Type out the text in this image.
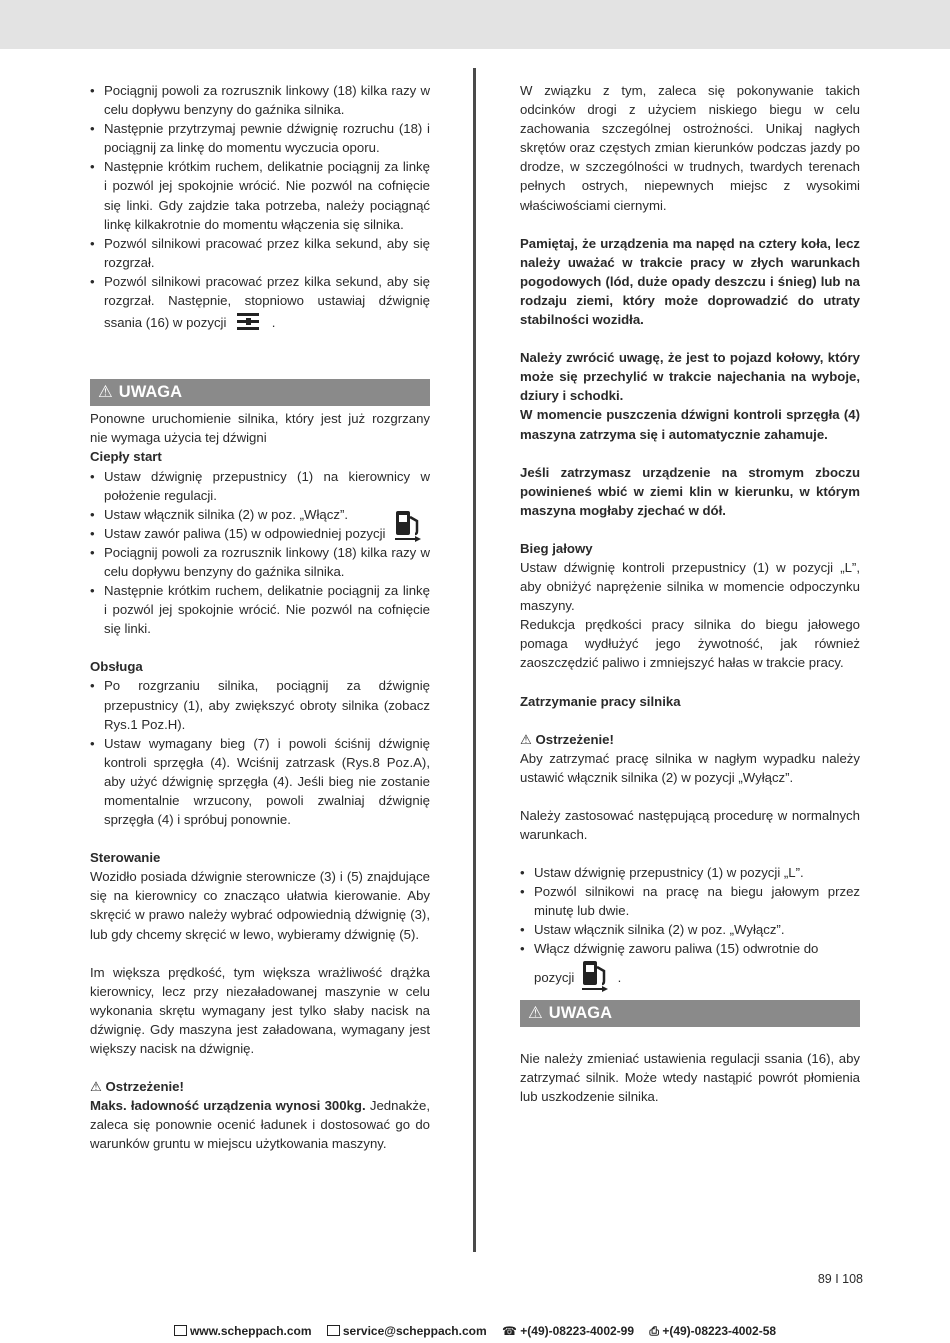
• Pociągnij powoli za rozrusznik linkowy (18) kilka razy w celu dopływu benzyny do gaźnika silnika.
• Następnie przytrzymaj pewnie dźwignię rozruchu (18) i pociągnij za linkę do momentu wyczucia oporu.
• Następnie krótkim ruchem, delikatnie pociągnij za linkę i pozwól jej spokojnie wrócić. Nie pozwól na cofnięcie się linki. Gdy zajdzie taka potrzeba, należy pociągnąć linkę kilkakrotnie do momentu włączenia się silnika.
• Pozwól silnikowi pracować przez kilka sekund, aby się rozgrzał.
• Pozwól silnikowi pracować przez kilka sekund, aby się rozgrzał. Następnie, stopniowo ustawiaj dźwignię ssania (16) w pozycji	.
⚠ UWAGA

Ponowne uruchomienie silnika, który jest już rozgrzany nie wymaga użycia tej dźwigni

Ciepły start

• Ustaw dźwignię przepustnicy (1) na kierownicy w położenie regulacji.
• Ustaw włącznik silnika (2) w poz. „Włącz”.
• Ustaw zawór paliwa (15) w odpowiedniej pozycji
• Pociągnij powoli za rozrusznik linkowy (18) kilka razy w celu dopływu benzyny do gaźnika silnika.
• Następnie krótkim ruchem, delikatnie pociągnij za linkę i pozwól jej spokojnie wrócić. Nie pozwól na cofnięcie się linki.

Obsługa

• Po rozgrzaniu silnika, pociągnij za dźwignię przepustnicy (1), aby zwiększyć obroty silnika (zobacz Rys.1 Poz.H).
• Ustaw wymagany bieg (7) i powoli ściśnij dźwignię kontroli sprzęgła (4). Wciśnij zatrzask (Rys.8 Poz.A), aby użyć dźwignię sprzęgła (4). Jeśli bieg nie zostanie momentalnie wrzucony, powoli zwalniaj dźwignię sprzęgła (4) i spróbuj ponownie.

Sterowanie

Wozidło posiada dźwignie sterownicze (3) i (5) znajdujące się na kierownicy co znacząco ułatwia kierowanie. Aby skręcić w prawo należy wybrać odpowiednią dźwignię (3), lub gdy chcemy skręcić w lewo, wybieramy dźwignię (5).

Im większa prędkość, tym większa wrażliwość drążka kierownicy, lecz przy niezaładowanej maszynie w celu wykonania skrętu wymagany jest tylko słaby nacisk na dźwignię. Gdy maszyna jest załadowana, wymagany jest większy nacisk na dźwignię.

⚠ Ostrzeżenie!

Maks. ładowność urządzenia wynosi 300kg. Jednakże, zaleca się ponownie ocenić ładunek i dostosować go do warunków gruntu w miejscu użytkowania maszyny.

W związku z tym, zaleca się pokonywanie takich odcinków drogi z użyciem niskiego biegu w celu zachowania szczególnej ostrożności. Unikaj nagłych skrętów oraz częstych zmian kierunków podczas jazdy po drodze, w szczególności w trudnych, twardych terenach pełnych ostrych, niepewnych miejsc z wysokimi właściwościami ciernymi.

Pamiętaj, że urządzenia ma napęd na cztery koła, lecz należy uważać w trakcie pracy w złych warunkach pogodowych (lód, duże opady deszczu i śnieg) lub na rodzaju ziemi, który może doprowadzić do utraty stabilności wozidła.

Należy zwrócić uwagę, że jest to pojazd kołowy, który może się przechylić w trakcie najechania na wyboje, dziury i schodki.

W momencie puszczenia dźwigni kontroli sprzęgła (4) maszyna zatrzyma się i automatycznie zahamuje.

Jeśli zatrzymasz urządzenie na stromym zboczu powinieneś wbić w ziemi klin w kierunku, w którym maszyna mogłaby zjechać w dół.

Bieg jałowy

Ustaw dźwignię kontroli przepustnicy (1) w pozycji „L”, aby obniżyć naprężenie silnika w momencie odpoczynku maszyny.

Redukcja prędkości pracy silnika do biegu jałowego pomaga wydłużyć jego żywotność, jak również zaoszczędzić paliwo i zmniejszyć hałas w trakcie pracy.

Zatrzymanie pracy silnika

⚠ Ostrzeżenie!

Aby zatrzymać pracę silnika w nagłym wypadku należy ustawić włącznik silnika (2) w pozycji „Wyłącz”.

Należy zastosować następującą procedurę w normalnych warunkach.

• Ustaw dźwignię przepustnicy (1) w pozycji „L”.
• Pozwól silnikowi na pracę na biegu jałowym przez minutę lub dwie.
• Ustaw włącznik silnika (2) w poz. „Wyłącz”.
• Włącz dźwignię zaworu paliwa (15) odwrotnie do pozycji	.
⚠ UWAGA

Nie należy zmieniać ustawienia regulacji ssania (16), aby zatrzymać silnik. Może wtedy nastąpić powrót płomienia lub uszkodzenie silnika.

89 I 108
www.scheppach.com	service@scheppach.com ☎ +(49)-08223-4002-99 ⎙ +(49)-08223-4002-58
